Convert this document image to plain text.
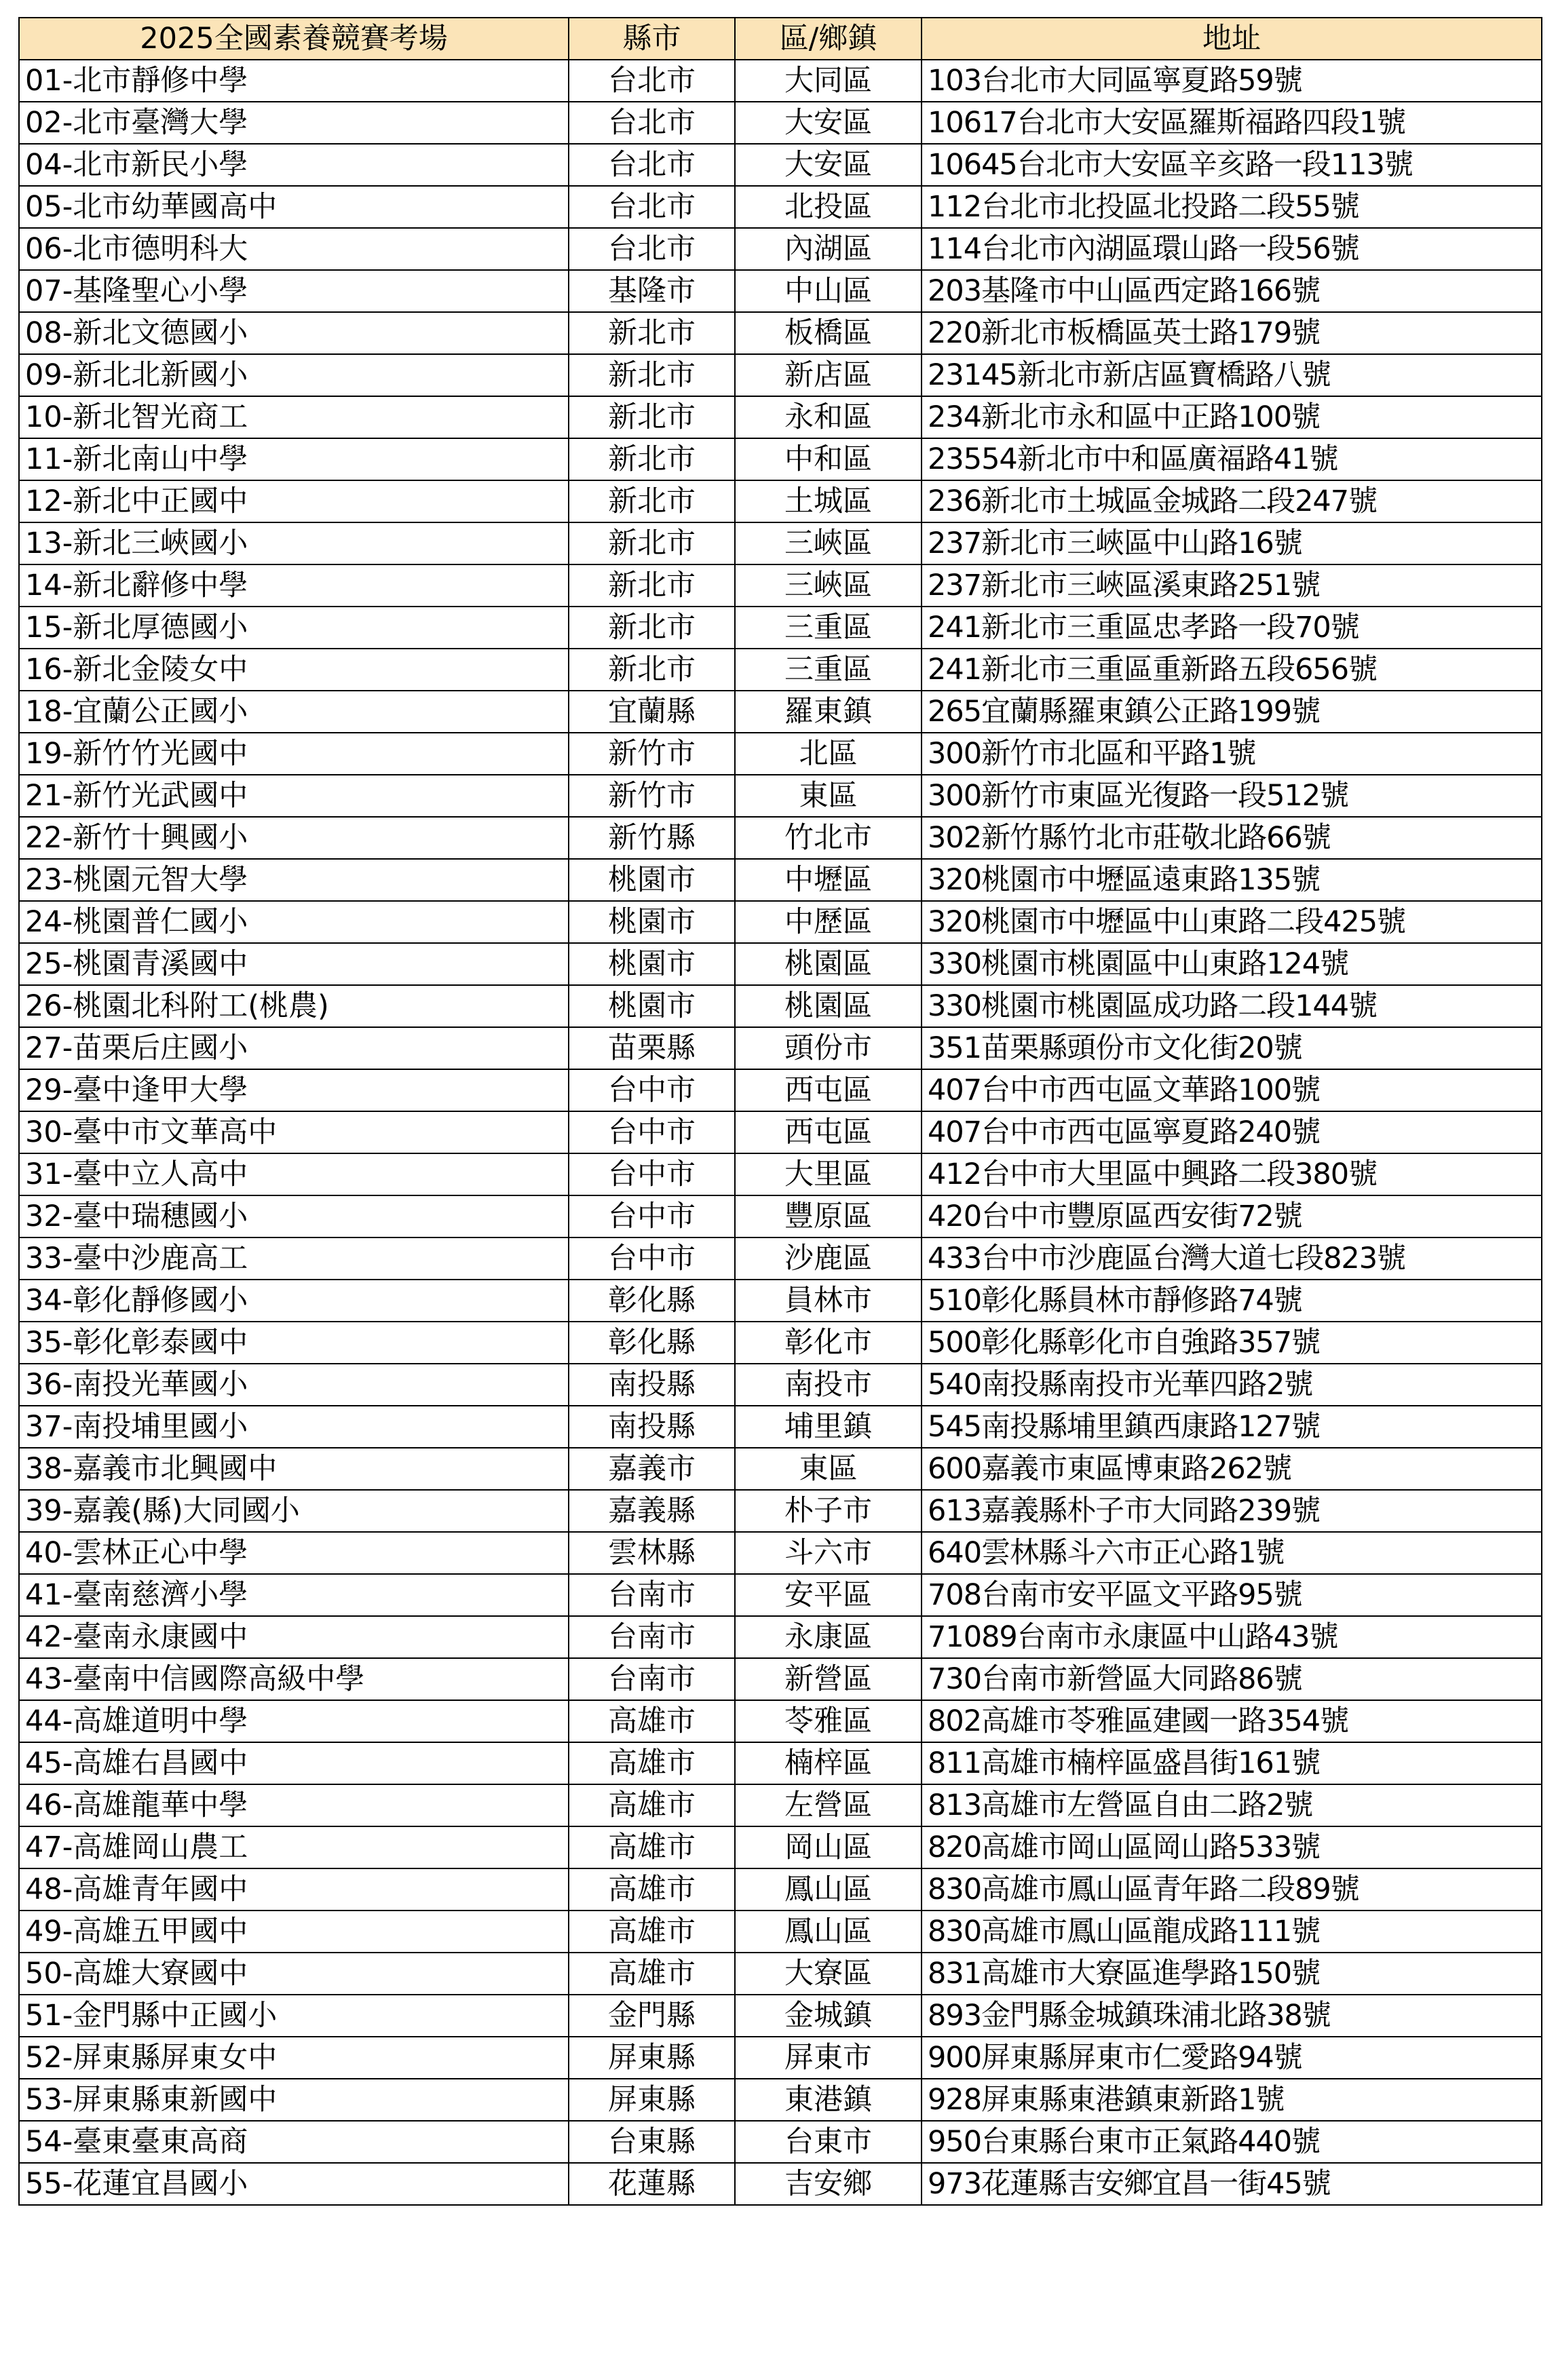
2025全國素養競賽考場	縣市	區/鄉鎮	地址
01-北市靜修中學	台北市	大同區	103台北市大同區寧夏路59號
02-北市臺灣大學	台北市	大安區	10617台北市大安區羅斯福路四段1號
04-北市新民小學	台北市	大安區	10645台北市大安區辛亥路一段113號
05-北市幼華國高中	台北市	北投區	112台北市北投區北投路二段55號
06-北市德明科大	台北市	內湖區	114台北市內湖區環山路一段56號
07-基隆聖心小學	基隆市	中山區	203基隆市中山區西定路166號
08-新北文德國小	新北市	板橋區	220新北市板橋區英士路179號
09-新北北新國小	新北市	新店區	23145新北市新店區寶橋路八號
10-新北智光商工	新北市	永和區	234新北市永和區中正路100號
11-新北南山中學	新北市	中和區	23554新北市中和區廣福路41號
12-新北中正國中	新北市	土城區	236新北市土城區金城路二段247號
13-新北三峽國小	新北市	三峽區	237新北市三峽區中山路16號
14-新北辭修中學	新北市	三峽區	237新北市三峽區溪東路251號
15-新北厚德國小	新北市	三重區	241新北市三重區忠孝路一段70號
16-新北金陵女中	新北市	三重區	241新北市三重區重新路五段656號
18-宜蘭公正國小	宜蘭縣	羅東鎮	265宜蘭縣羅東鎮公正路199號
19-新竹竹光國中	新竹市	北區	300新竹市北區和平路1號
21-新竹光武國中	新竹市	東區	300新竹市東區光復路一段512號
22-新竹十興國小	新竹縣	竹北市	302新竹縣竹北市莊敬北路66號
23-桃園元智大學	桃園市	中壢區	320桃園市中壢區遠東路135號
24-桃園普仁國小	桃園市	中歷區	320桃園市中壢區中山東路二段425號
25-桃園青溪國中	桃園市	桃園區	330桃園市桃園區中山東路124號
26-桃園北科附工(桃農)	桃園市	桃園區	330桃園市桃園區成功路二段144號
27-苗栗后庄國小	苗栗縣	頭份市	351苗栗縣頭份市文化街20號
29-臺中逢甲大學	台中市	西屯區	407台中市西屯區文華路100號
30-臺中市文華高中	台中市	西屯區	407台中市西屯區寧夏路240號
31-臺中立人高中	台中市	大里區	412台中市大里區中興路二段380號
32-臺中瑞穗國小	台中市	豐原區	420台中市豐原區西安街72號
33-臺中沙鹿高工	台中市	沙鹿區	433台中市沙鹿區台灣大道七段823號
34-彰化靜修國小	彰化縣	員林市	510彰化縣員林市靜修路74號
35-彰化彰泰國中	彰化縣	彰化市	500彰化縣彰化市自強路357號
36-南投光華國小	南投縣	南投市	540南投縣南投市光華四路2號
37-南投埔里國小	南投縣	埔里鎮	545南投縣埔里鎮西康路127號
38-嘉義市北興國中	嘉義市	東區	600嘉義市東區博東路262號
39-嘉義(縣)大同國小	嘉義縣	朴子市	613嘉義縣朴子市大同路239號
40-雲林正心中學	雲林縣	斗六市	640雲林縣斗六市正心路1號
41-臺南慈濟小學	台南市	安平區	708台南市安平區文平路95號
42-臺南永康國中	台南市	永康區	71089台南市永康區中山路43號
43-臺南中信國際高級中學	台南市	新營區	730台南市新營區大同路86號
44-高雄道明中學	高雄市	苓雅區	802高雄市苓雅區建國一路354號
45-高雄右昌國中	高雄市	楠梓區	811高雄市楠梓區盛昌街161號
46-高雄龍華中學	高雄市	左營區	813高雄市左營區自由二路2號
47-高雄岡山農工	高雄市	岡山區	820高雄市岡山區岡山路533號
48-高雄青年國中	高雄市	鳳山區	830高雄市鳳山區青年路二段89號
49-高雄五甲國中	高雄市	鳳山區	830高雄市鳳山區龍成路111號
50-高雄大寮國中	高雄市	大寮區	831高雄市大寮區進學路150號
51-金門縣中正國小	金門縣	金城鎮	893金門縣金城鎮珠浦北路38號
52-屏東縣屏東女中	屏東縣	屏東市	900屏東縣屏東市仁愛路94號
53-屏東縣東新國中	屏東縣	東港鎮	928屏東縣東港鎮東新路1號
54-臺東臺東高商	台東縣	台東市	950台東縣台東市正氣路440號
55-花蓮宜昌國小	花蓮縣	吉安鄉	973花蓮縣吉安鄉宜昌一街45號
